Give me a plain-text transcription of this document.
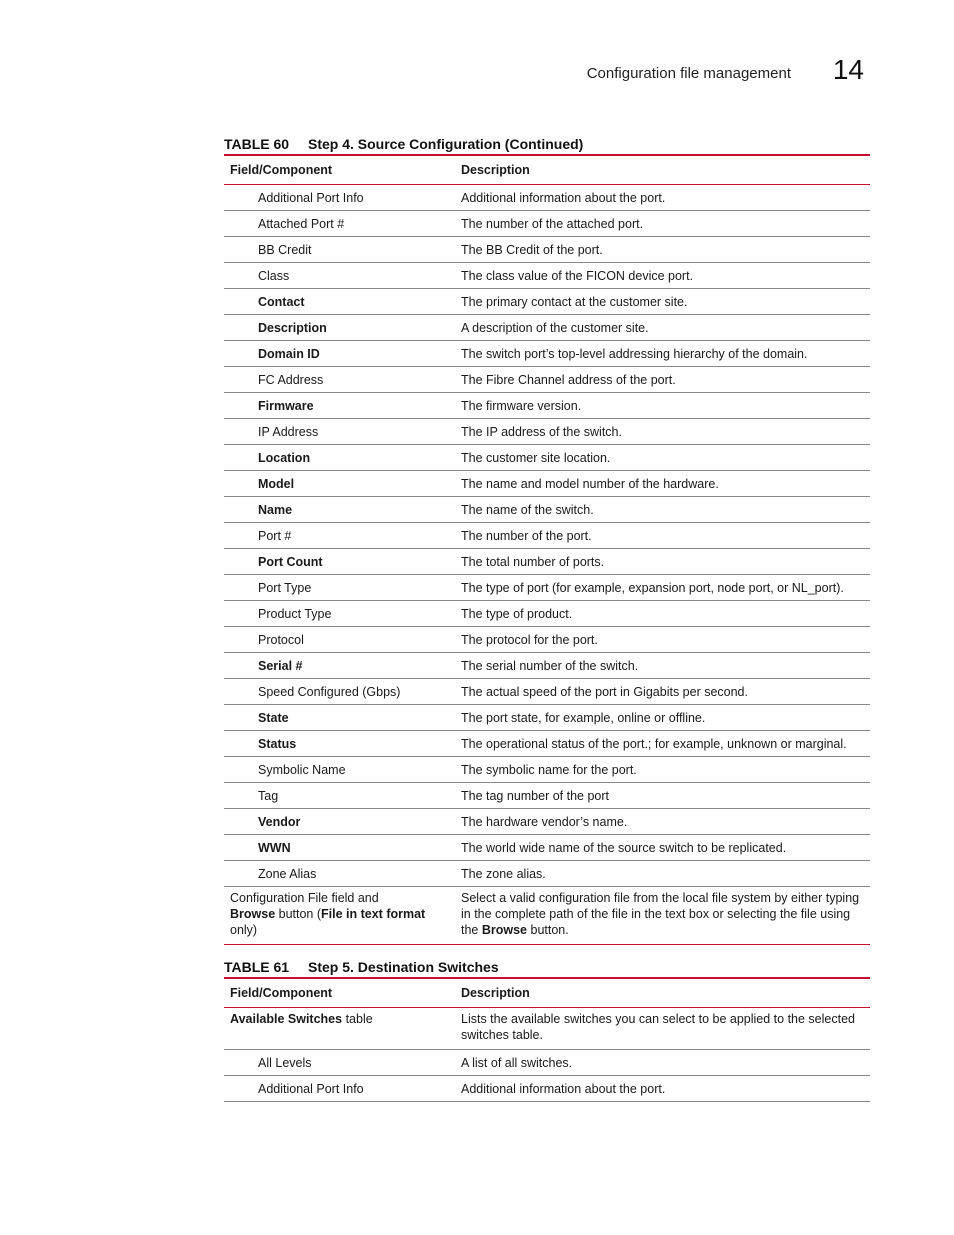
Configuration file management 14
TABLE 60 Step 4. Source Configuration (Continued)
Field/Component	Description
Additional Port Info	Additional information about the port.
Attached Port #	The number of the attached port.
BB Credit	The BB Credit of the port.
Class	The class value of the FICON device port.
Contact	The primary contact at the customer site.
Description	A description of the customer site.
Domain ID	The switch port’s top-level addressing hierarchy of the domain.
FC Address	The Fibre Channel address of the port.
Firmware	The firmware version.
IP Address	The IP address of the switch.
Location	The customer site location.
Model	The name and model number of the hardware.
Name	The name of the switch.
Port #	The number of the port.
Port Count	The total number of ports.
Port Type	The type of port (for example, expansion port, node port, or NL_port).
Product Type	The type of product.
Protocol	The protocol for the port.
Serial #	The serial number of the switch.
Speed Configured (Gbps)	The actual speed of the port in Gigabits per second.
State	The port state, for example, online or offline.
Status	The operational status of the port.; for example, unknown or marginal.
Symbolic Name	The symbolic name for the port.
Tag	The tag number of the port
Vendor	The hardware vendor’s name.
WWN	The world wide name of the source switch to be replicated.
Zone Alias	The zone alias.
Configuration File field and
Browse button (File in text format only)	Select a valid configuration file from the local file system by either typing in the complete path of the file in the text box or selecting the file using the Browse button.
TABLE 61 Step 5. Destination Switches
Field/Component	Description
Available Switches table	Lists the available switches you can select to be applied to the selected switches table.
All Levels	A list of all switches.
Additional Port Info	Additional information about the port.
